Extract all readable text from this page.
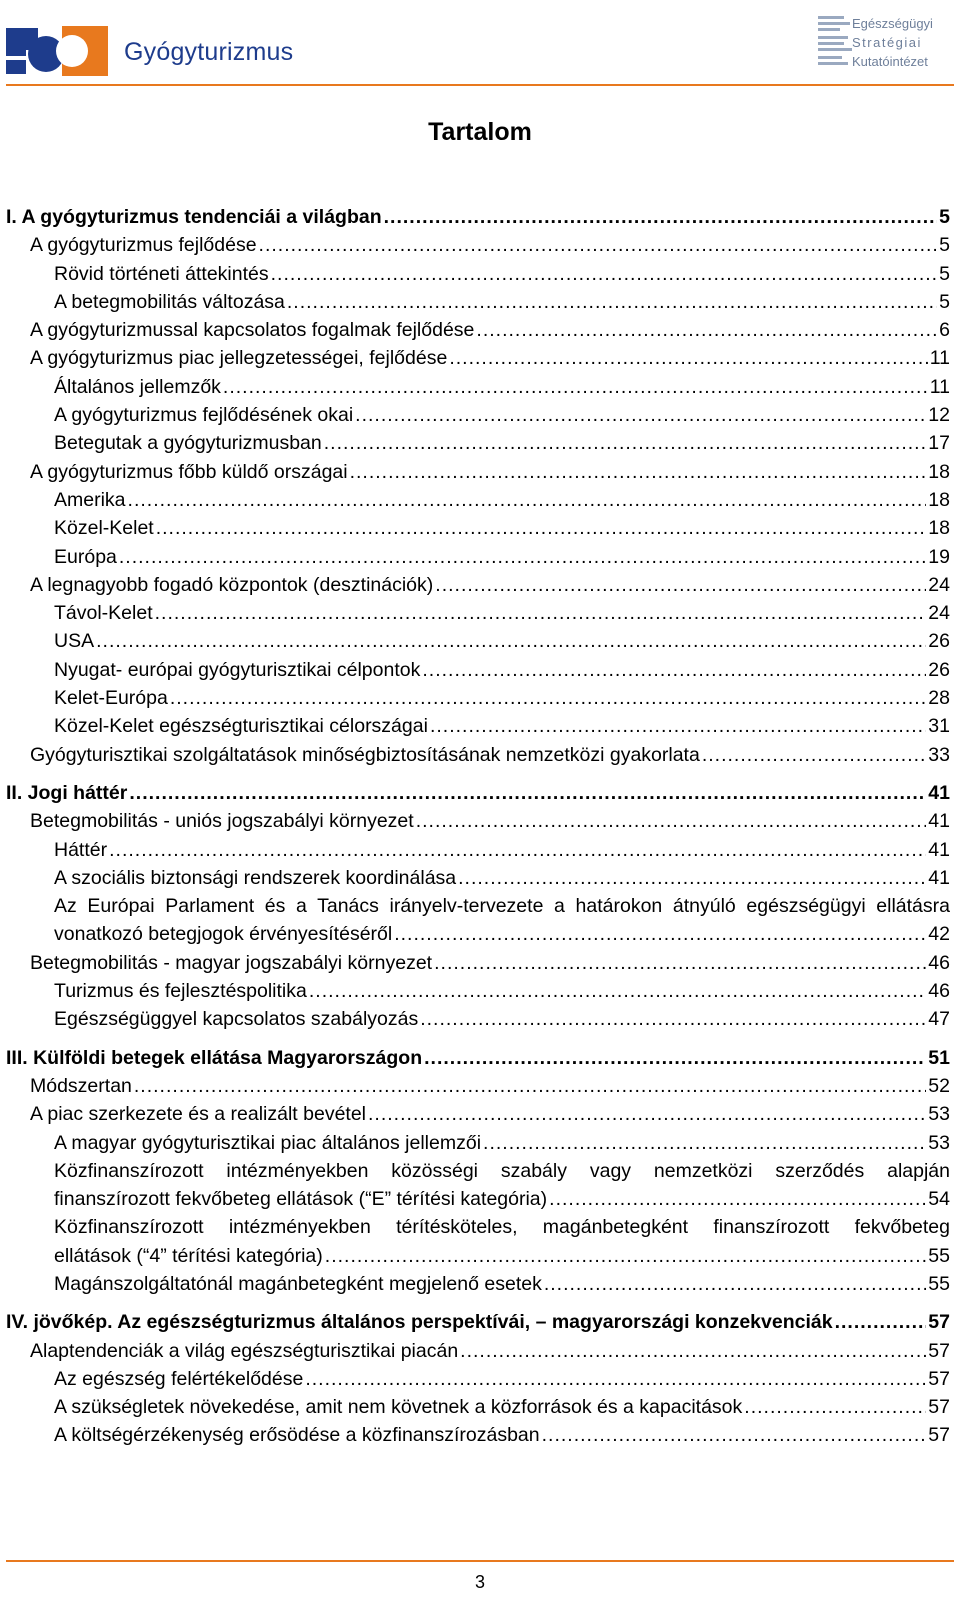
Gyógyturizmus
Egészségügyi
Stratégiai
Kutatóintézet
Tartalom
I. A gyógyturizmus tendenciái a világban .....	5
A gyógyturizmus fejlődése .....	5
Rövid történeti áttekintés .....	5
A betegmobilitás változása .....	5
A gyógyturizmussal kapcsolatos fogalmak fejlődése .....	6
A gyógyturizmus piac jellegzetességei, fejlődése .....	11
Általános jellemzők .....	11
A gyógyturizmus fejlődésének okai .....	12
Betegutak a gyógyturizmusban .....	17
A gyógyturizmus főbb küldő országai .....	18
Amerika .....	18
Közel-Kelet .....	18
Európa .....	19
A legnagyobb fogadó központok (desztinációk) .....	24
Távol-Kelet .....	24
USA .....	26
Nyugat- európai gyógyturisztikai célpontok .....	26
Kelet-Európa .....	28
Közel-Kelet egészségturisztikai célországai .....	31
Gyógyturisztikai szolgáltatások minőségbiztosításának nemzetközi gyakorlata .....	33
II. Jogi háttér .....	41
Betegmobilitás - uniós jogszabályi környezet .....	41
Háttér .....	41
A szociális biztonsági rendszerek koordinálása .....	41
Az Európai Parlament és a Tanács irányelv-tervezete a határokon átnyúló egészségügyi ellátásra
vonatkozó betegjogok érvényesítéséről .....	42
Betegmobilitás - magyar jogszabályi környezet .....	46
Turizmus és fejlesztéspolitika .....	46
Egészségüggyel kapcsolatos szabályozás .....	47
III. Külföldi betegek ellátása Magyarországon .....	51
Módszertan .....	52
A piac szerkezete és a realizált bevétel .....	53
A magyar gyógyturisztikai piac általános jellemzői .....	53
Közfinanszírozott intézményekben közösségi szabály vagy nemzetközi szerződés alapján
finanszírozott fekvőbeteg ellátások (“E” térítési kategória) .....	54
Közfinanszírozott intézményekben térítésköteles, magánbetegként finanszírozott fekvőbeteg
ellátások (“4” térítési kategória) .....	55
Magánszolgáltatónál magánbetegként megjelenő esetek .....	55
IV. jövőkép. Az egészségturizmus általános perspektívái, – magyarországi konzekvenciák .....	57
Alaptendenciák a világ egészségturisztikai piacán .....	57
Az egészség felértékelődése .....	57
A szükségletek növekedése, amit nem követnek a közforrások és a kapacitások .....	57
A költségérzékenység erősödése a közfinanszírozásban .....	57
3
